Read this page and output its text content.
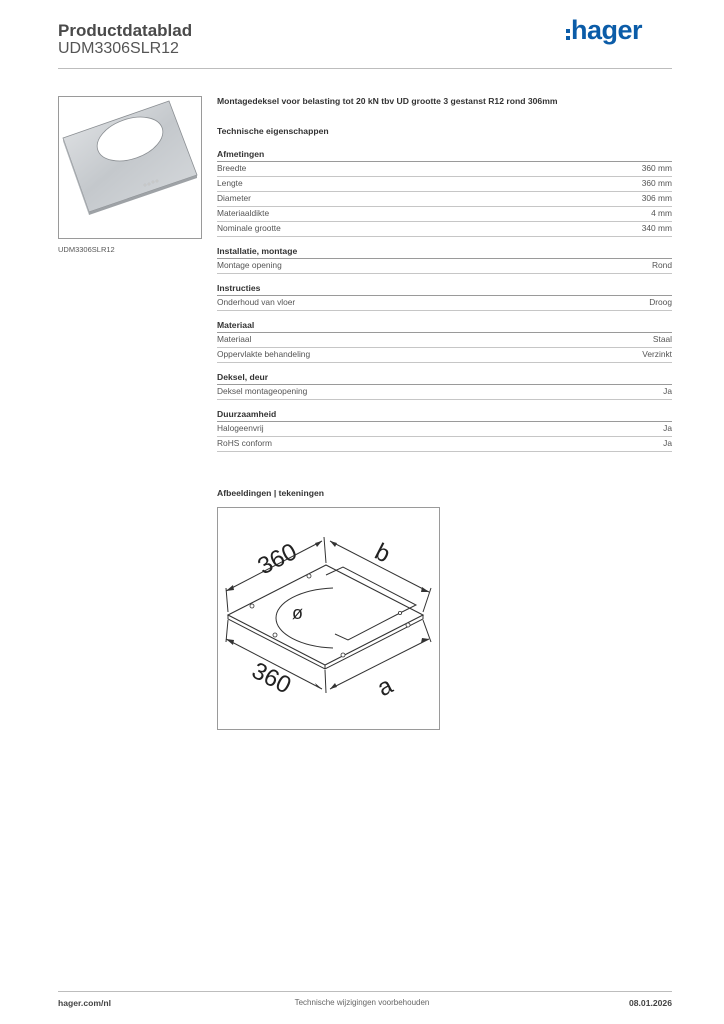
Productdatablad
UDM3306SLR12
hager
UDM3306SLR12
Montagedeksel voor belasting tot 20 kN tbv UD grootte 3 gestanst R12 rond 306mm
Technische eigenschappen
Afmetingen
Breedte	360 mm
Lengte	360 mm
Diameter	306 mm
Materiaaldikte	4 mm
Nominale grootte	340 mm
Installatie, montage
Montage opening	Rond
Instructies
Onderhoud van vloer	Droog
Materiaal
Materiaal	Staal
Oppervlakte behandeling	Verzinkt
Deksel, deur
Deksel montageopening	Ja
Duurzaamheid
Halogeenvrij	Ja
RoHS conform	Ja
Afbeeldingen | tekeningen
360	b
360	a
ø
hager.com/nl	Technische wijzigingen voorbehouden	08.01.2026
